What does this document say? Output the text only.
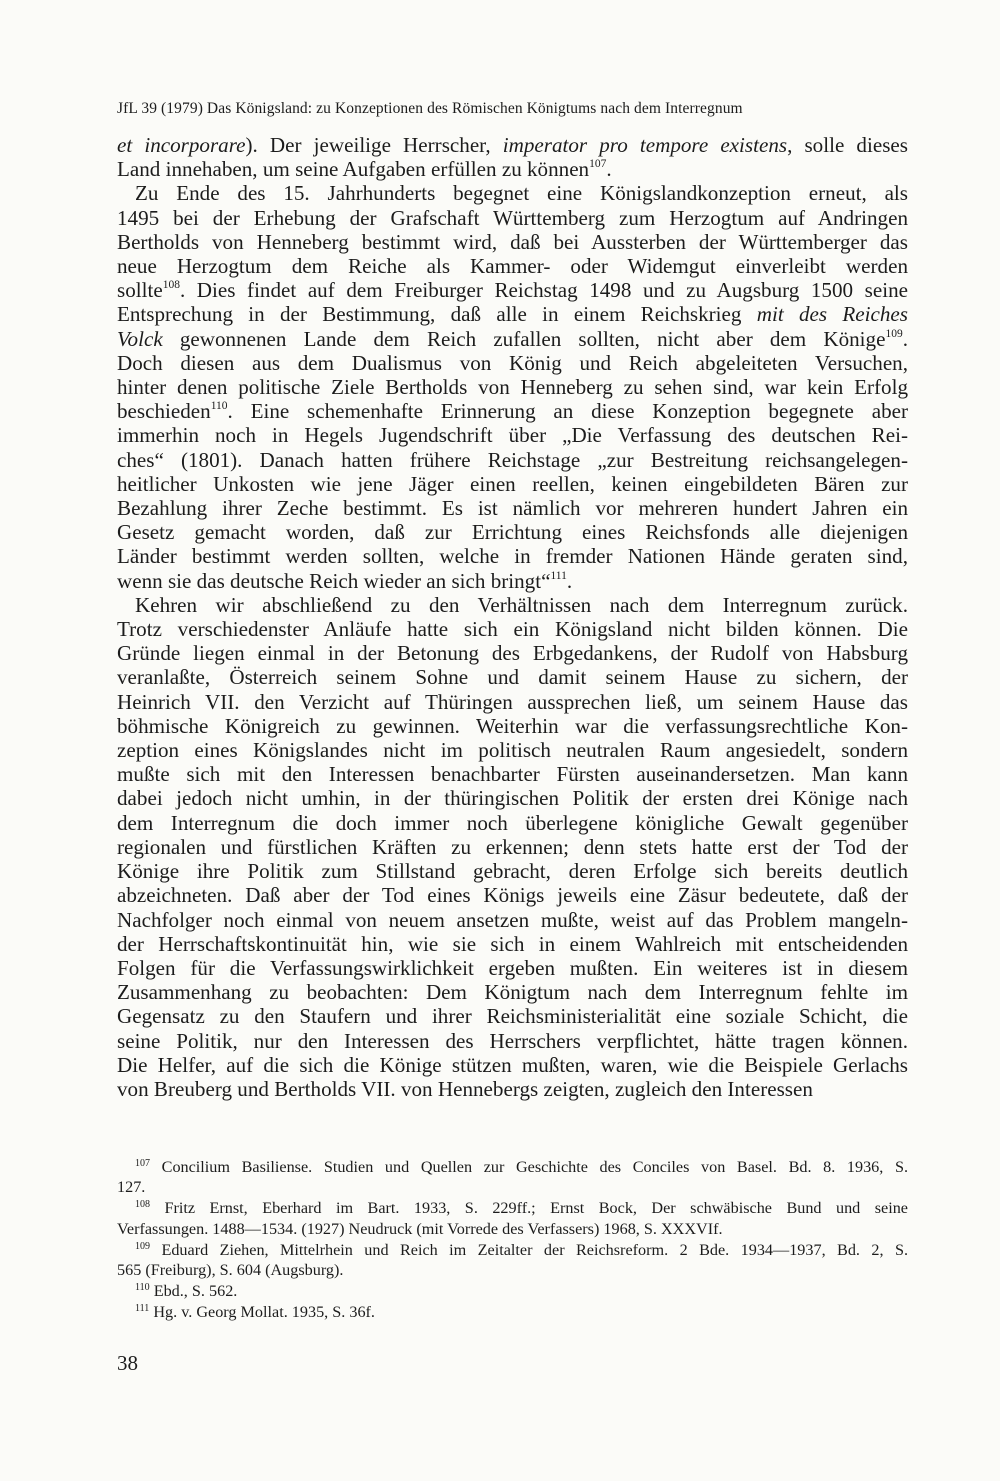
JfL 39 (1979) Das Königsland: zu Konzeptionen des Römischen Königtums nach dem Interregnum
et incorporare). Der jeweilige Herrscher, imperator pro tempore existens, solle dieses
Land innehaben, um seine Aufgaben erfüllen zu können$^{107}$.
Zu Ende des 15. Jahrhunderts begegnet eine Königslandkonzeption erneut, als
1495 bei der Erhebung der Grafschaft Württemberg zum Herzogtum auf Andringen
Bertholds von Henneberg bestimmt wird, daß bei Aussterben der Württemberger das
neue Herzogtum dem Reiche als Kammer- oder Widemgut einverleibt werden
sollte$^{108}$. Dies findet auf dem Freiburger Reichstag 1498 und zu Augsburg 1500 seine
Entsprechung in der Bestimmung, daß alle in einem Reichskrieg mit des Reiches
Volck gewonnenen Lande dem Reich zufallen sollten, nicht aber dem Könige$^{109}$.
Doch diesen aus dem Dualismus von König und Reich abgeleiteten Versuchen,
hinter denen politische Ziele Bertholds von Henneberg zu sehen sind, war kein Erfolg
beschieden$^{110}$. Eine schemenhafte Erinnerung an diese Konzeption begegnete aber
immerhin noch in Hegels Jugendschrift über „Die Verfassung des deutschen Rei-
ches“ (1801). Danach hatten frühere Reichstage „zur Bestreitung reichsangelegen-
heitlicher Unkosten wie jene Jäger einen reellen, keinen eingebildeten Bären zur
Bezahlung ihrer Zeche bestimmt. Es ist nämlich vor mehreren hundert Jahren ein
Gesetz gemacht worden, daß zur Errichtung eines Reichsfonds alle diejenigen
Länder bestimmt werden sollten, welche in fremder Nationen Hände geraten sind,
wenn sie das deutsche Reich wieder an sich bringt“$^{111}$.
Kehren wir abschließend zu den Verhältnissen nach dem Interregnum zurück.
Trotz verschiedenster Anläufe hatte sich ein Königsland nicht bilden können. Die
Gründe liegen einmal in der Betonung des Erbgedankens, der Rudolf von Habsburg
veranlaßte, Österreich seinem Sohne und damit seinem Hause zu sichern, der
Heinrich VII. den Verzicht auf Thüringen aussprechen ließ, um seinem Hause das
böhmische Königreich zu gewinnen. Weiterhin war die verfassungsrechtliche Kon-
zeption eines Königslandes nicht im politisch neutralen Raum angesiedelt, sondern
mußte sich mit den Interessen benachbarter Fürsten auseinandersetzen. Man kann
dabei jedoch nicht umhin, in der thüringischen Politik der ersten drei Könige nach
dem Interregnum die doch immer noch überlegene königliche Gewalt gegenüber
regionalen und fürstlichen Kräften zu erkennen; denn stets hatte erst der Tod der
Könige ihre Politik zum Stillstand gebracht, deren Erfolge sich bereits deutlich
abzeichneten. Daß aber der Tod eines Königs jeweils eine Zäsur bedeutete, daß der
Nachfolger noch einmal von neuem ansetzen mußte, weist auf das Problem mangeln-
der Herrschaftskontinuität hin, wie sie sich in einem Wahlreich mit entscheidenden
Folgen für die Verfassungswirklichkeit ergeben mußten. Ein weiteres ist in diesem
Zusammenhang zu beobachten: Dem Königtum nach dem Interregnum fehlte im
Gegensatz zu den Staufern und ihrer Reichsministerialität eine soziale Schicht, die
seine Politik, nur den Interessen des Herrschers verpflichtet, hätte tragen können.
Die Helfer, auf die sich die Könige stützen mußten, waren, wie die Beispiele Gerlachs
von Breuberg und Bertholds VII. von Hennebergs zeigten, zugleich den Interessen
$^{107}$ Concilium Basiliense. Studien und Quellen zur Geschichte des Conciles von Basel. Bd. 8. 1936, S.
127.
$^{108}$ Fritz Ernst, Eberhard im Bart. 1933, S. 229ff.; Ernst Bock, Der schwäbische Bund und seine
Verfassungen. 1488—1534. (1927) Neudruck (mit Vorrede des Verfassers) 1968, S. XXXVIf.
$^{109}$ Eduard Ziehen, Mittelrhein und Reich im Zeitalter der Reichsreform. 2 Bde. 1934—1937, Bd. 2, S.
565 (Freiburg), S. 604 (Augsburg).
$^{110}$ Ebd., S. 562.
$^{111}$ Hg. v. Georg Mollat. 1935, S. 36f.
38
